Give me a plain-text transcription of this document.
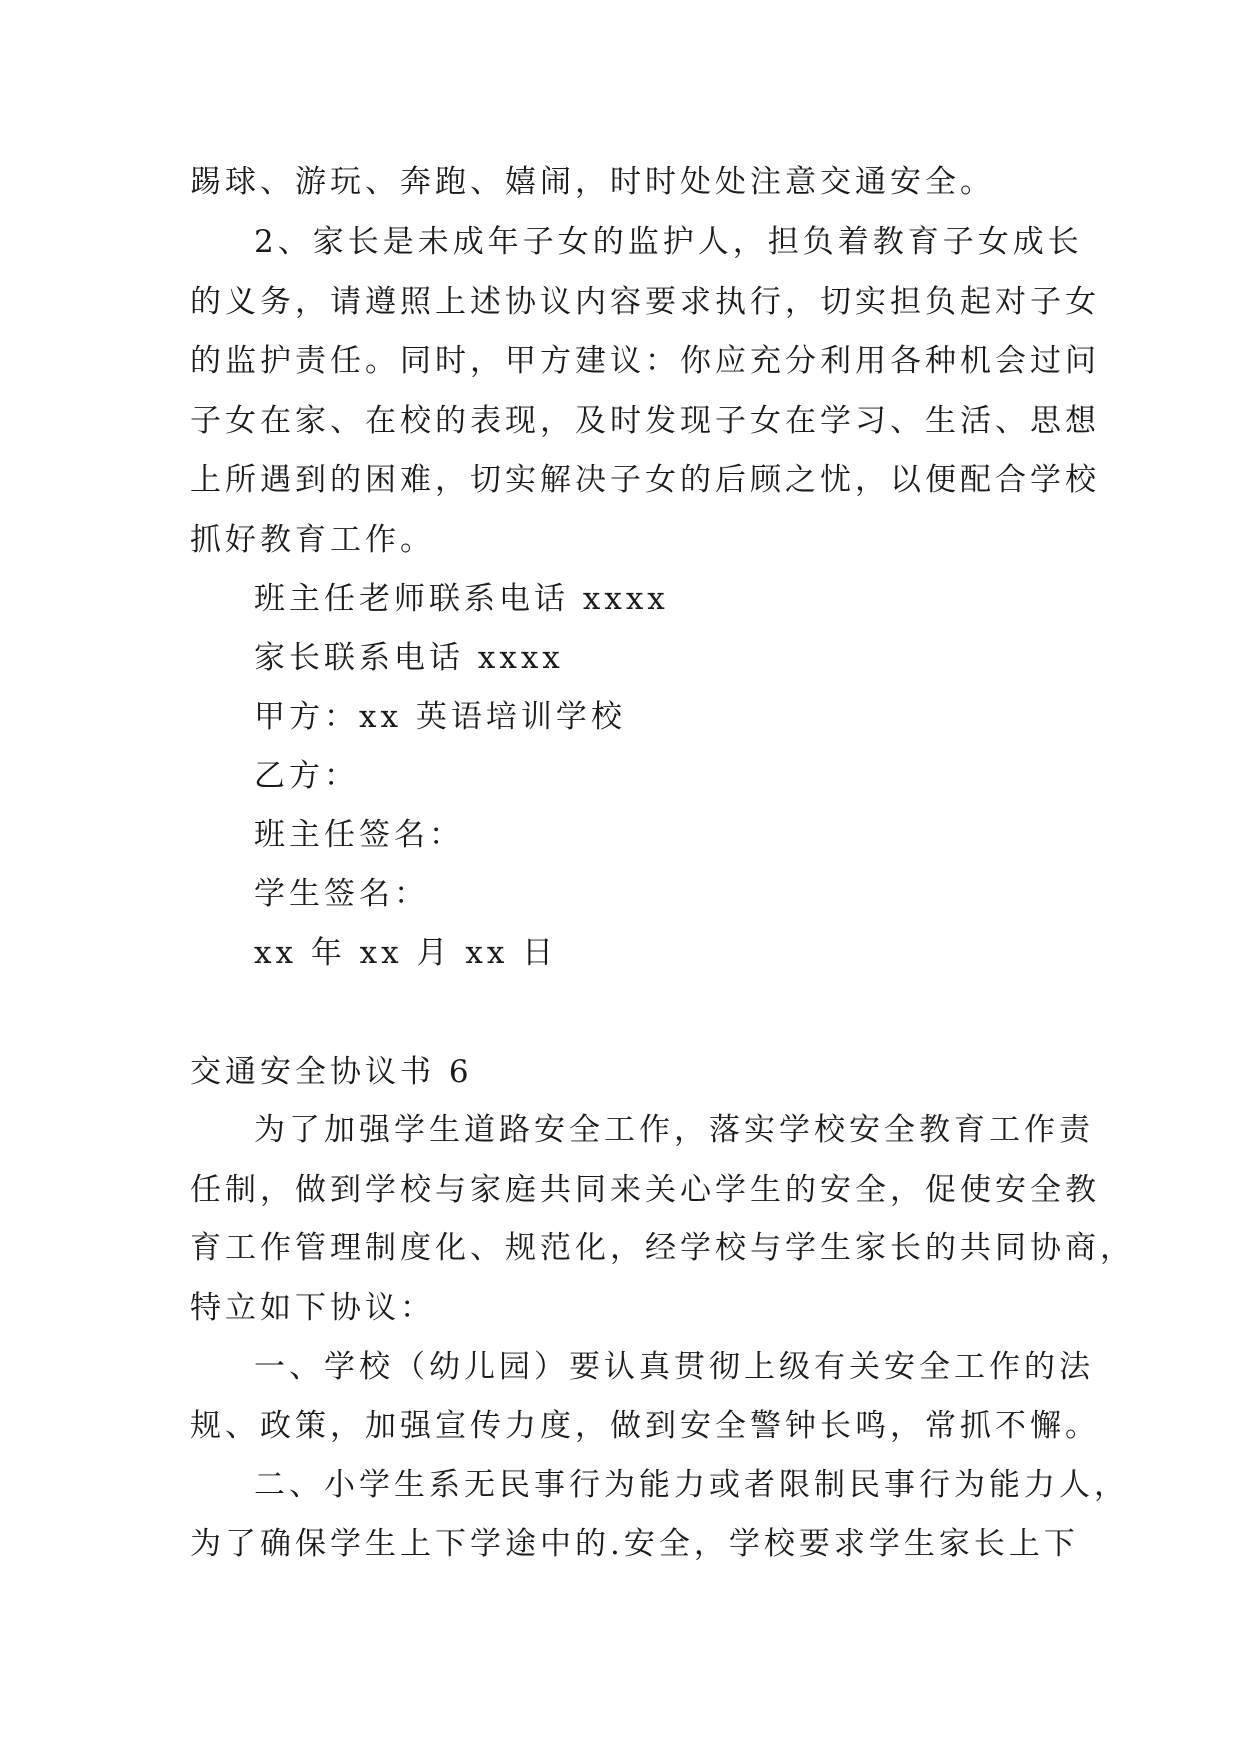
踢球、游玩、奔跑、嬉闹，时时处处注意交通安全。
2、家长是未成年子女的监护人，担负着教育子女成长
的义务，请遵照上述协议内容要求执行，切实担负起对子女
的监护责任。同时，甲方建议：你应充分利用各种机会过问
子女在家、在校的表现，及时发现子女在学习、生活、思想
上所遇到的困难，切实解决子女的后顾之忧，以便配合学校
抓好教育工作。
班主任老师联系电话 xxxx
家长联系电话 xxxx
甲方：xx 英语培训学校
乙方：
班主任签名：
学生签名：
xx 年 xx 月 xx 日
交通安全协议书 6
为了加强学生道路安全工作，落实学校安全教育工作责
任制，做到学校与家庭共同来关心学生的安全，促使安全教
育工作管理制度化、规范化，经学校与学生家长的共同协商，
特立如下协议：
一、学校（幼儿园）要认真贯彻上级有关安全工作的法
规、政策，加强宣传力度，做到安全警钟长鸣，常抓不懈。
二、小学生系无民事行为能力或者限制民事行为能力人，
为了确保学生上下学途中的.安全，学校要求学生家长上下
